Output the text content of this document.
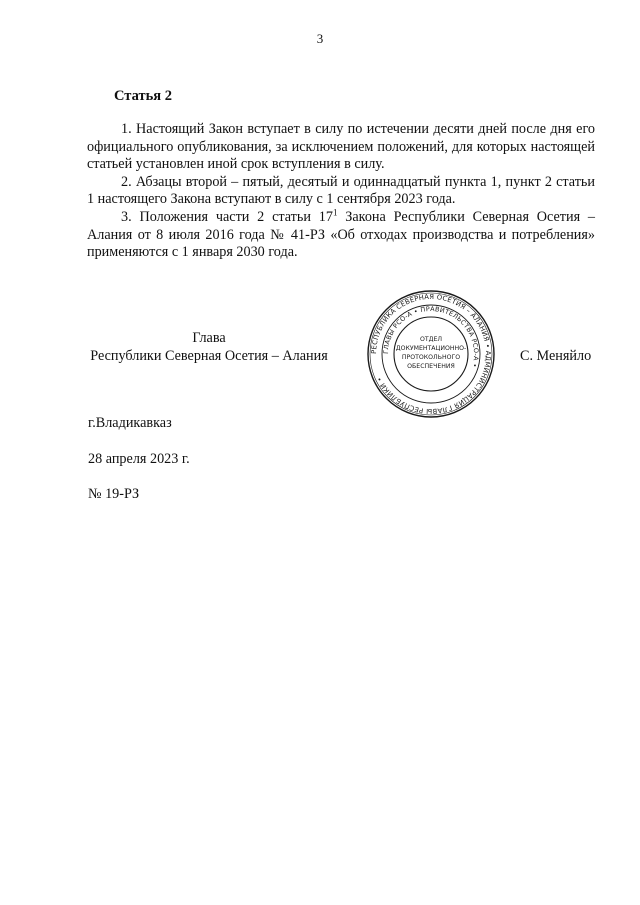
3
Статья 2

1. Настоящий Закон вступает в силу по истечении десяти дней после дня его официального опубликования, за исключением положений, для которых настоящей статьей установлен иной срок вступления в силу.

2. Абзацы второй – пятый, десятый и одиннадцатый пункта 1, пункт 2 статьи 1 настоящего Закона вступают в силу с 1 сентября 2023 года.

3. Положения части 2 статьи $17^1$ Закона Республики Северная Осетия – Алания от 8 июля 2016 года № 41-РЗ «Об отходах производства и потребления» применяются с 1 января 2030 года.

Глава
Республики Северная Осетия – Алания	РЕСПУБЛИКА СЕВЕРНАЯ ОСЕТИЯ – АЛАНИЯ • АДМИНИСТРАЦИЯ ГЛАВЫ РЕСПУБЛИКИ •
ГЛАВЫ РСО-А • ПРАВИТЕЛЬСТВА РСО-А •
ОТДЕЛ
ДОКУМЕНТАЦИОННО-
ПРОТОКОЛЬНОГО
ОБЕСПЕЧЕНИЯ
С. Меняйло
г.Владикавказ
28 апреля 2023 г.
№ 19-РЗ
